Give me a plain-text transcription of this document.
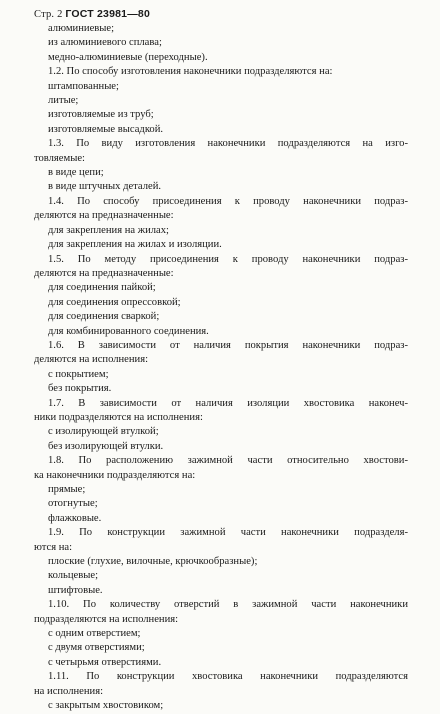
Стр. 2 ГОСТ 23981—80
алюминиевые;
из алюминиевого сплава;
медно-алюминиевые (переходные).
1.2. По способу изготовления наконечники подразделяются на:
штампованные;
литые;
изготовляемые из труб;
изготовляемые высадкой.
1.3. По виду изготовления наконечники подразделяются на изго-
товляемые:
в виде цепи;
в виде штучных деталей.
1.4. По способу присоединения к проводу наконечники подраз-
деляются на предназначенные:
для закрепления на жилах;
для закрепления на жилах и изоляции.
1.5. По методу присоединения к проводу наконечники подраз-
деляются на предназначенные:
для соединения пайкой;
для соединения опрессовкой;
для соединения сваркой;
для комбинированного соединения.
1.6. В зависимости от наличия покрытия наконечники подраз-
деляются на исполнения:
с покрытием;
без покрытия.
1.7. В зависимости от наличия изоляции хвостовика наконеч-
ники подразделяются на исполнения:
с изолирующей втулкой;
без изолирующей втулки.
1.8. По расположению зажимной части относительно хвостови-
ка наконечники подразделяются на:
прямые;
отогнутые;
флажковые.
1.9. По конструкции зажимной части наконечники подразделя-
ются на:
плоские (глухие, вилочные, крючкообразные);
кольцевые;
штифтовые.
1.10. По количеству отверстий в зажимной части наконечники
подразделяются на исполнения:
с одним отверстием;
с двумя отверстиями;
с четырьмя отверстиями.
1.11. По конструкции хвостовика наконечники подразделяются
на исполнения:
с закрытым хвостовиком;
